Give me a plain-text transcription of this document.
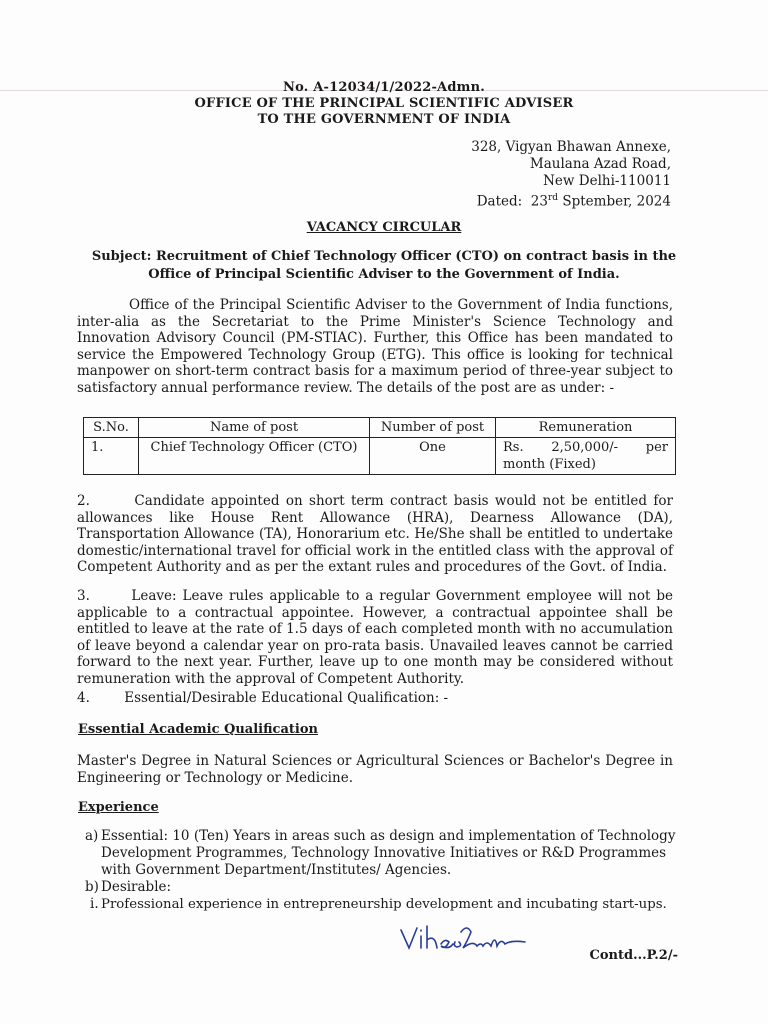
No. A-12034/1/2022-Admn.
OFFICE OF THE PRINCIPAL SCIENTIFIC ADVISER
TO THE GOVERNMENT OF INDIA
328, Vigyan Bhawan Annexe,
Maulana Azad Road,
New Delhi-110011
Dated: 23rd Sptember, 2024
VACANCY CIRCULAR
Subject: Recruitment of Chief Technology Officer (CTO) on contract basis in the
Office of Principal Scientific Adviser to the Government of India.
Office of the Principal Scientific Adviser to the Government of India functions, inter-alia as the Secretariat to the Prime Minister's Science Technology and Innovation Advisory Council (PM-STIAC). Further, this Office has been mandated to service the Empowered Technology Group (ETG). This office is looking for technical manpower on short-term contract basis for a maximum period of three-year subject to satisfactory annual performance review. The details of the post are as under: -
S.No.	Name of post	Number of post	Remuneration
1.	Chief Technology Officer (CTO)	One	Rs. 2,50,000/- per
month (Fixed)
2.       Candidate appointed on short term contract basis would not be entitled for allowances like House Rent Allowance (HRA), Dearness Allowance (DA), Transportation Allowance (TA), Honorarium etc. He/She shall be entitled to undertake domestic/international travel for official work in the entitled class with the approval of Competent Authority and as per the extant rules and procedures of the Govt. of India.
3.       Leave: Leave rules applicable to a regular Government employee will not be applicable to a contractual appointee. However, a contractual appointee shall be entitled to leave at the rate of 1.5 days of each completed month with no accumulation of leave beyond a calendar year on pro-rata basis. Unavailed leaves cannot be carried forward to the next year. Further, leave up to one month may be considered without remuneration with the approval of Competent Authority.
4.        Essential/Desirable Educational Qualification: -
Essential Academic Qualification
Master's Degree in Natural Sciences or Agricultural Sciences or Bachelor's Degree in Engineering or Technology or Medicine.
Experience
a) Essential: 10 (Ten) Years in areas such as design and implementation of Technology Development Programmes, Technology Innovative Initiatives or R&D Programmes with Government Department/Institutes/ Agencies.
b) Desirable:
i. Professional experience in entrepreneurship development and incubating start-ups.
Contd...P.2/-
